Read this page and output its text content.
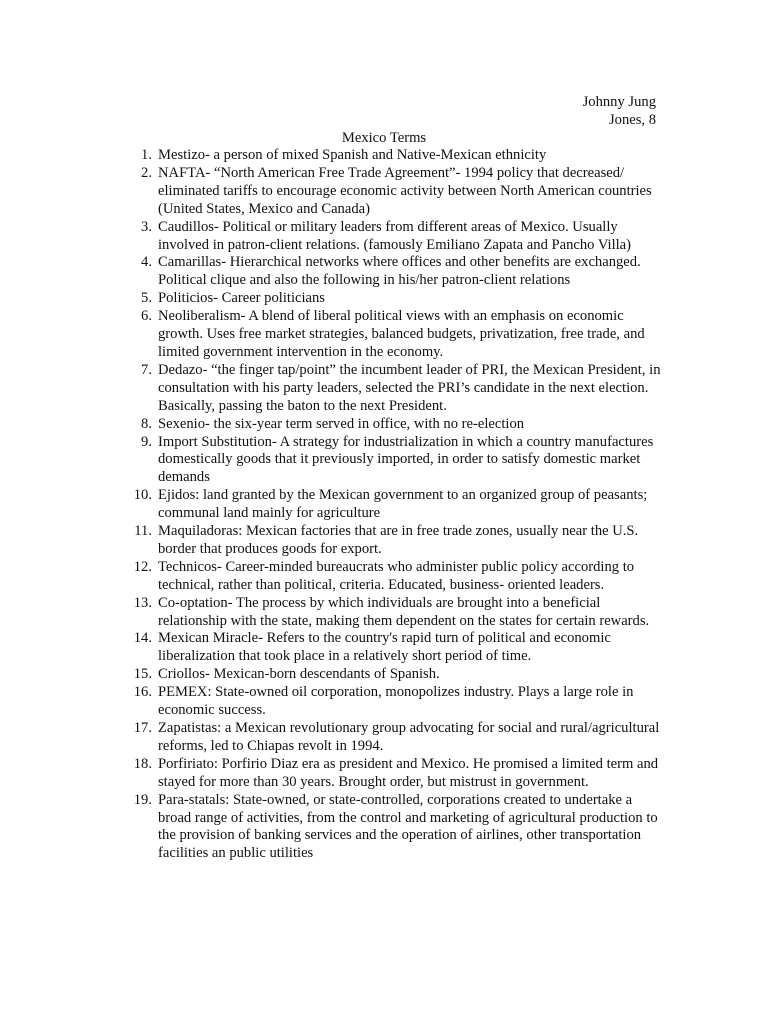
Johnny Jung
Jones, 8
Mexico Terms
1. Mestizo- a person of mixed Spanish and Native-Mexican ethnicity
2. NAFTA- “North American Free Trade Agreement”- 1994 policy that decreased/ eliminated tariffs to encourage economic activity between North American countries (United States, Mexico and Canada)
3. Caudillos- Political or military leaders from different areas of Mexico. Usually involved in patron-client relations. (famously Emiliano Zapata and Pancho Villa)
4. Camarillas- Hierarchical networks where offices and other benefits are exchanged. Political clique and also the following in his/her patron-client relations
5. Politicios- Career politicians
6. Neoliberalism- A blend of liberal political views with an emphasis on economic growth. Uses free market strategies, balanced budgets, privatization, free trade, and limited government intervention in the economy.
7. Dedazo- “the finger tap/point” the incumbent leader of PRI, the Mexican President, in consultation with his party leaders, selected the PRI’s candidate in the next election. Basically, passing the baton to the next President.
8. Sexenio- the six-year term served in office, with no re-election
9. Import Substitution- A strategy for industrialization in which a country manufactures domestically goods that it previously imported, in order to satisfy domestic market demands
10. Ejidos: land granted by the Mexican government to an organized group of peasants; communal land mainly for agriculture
11. Maquiladoras: Mexican factories that are in free trade zones, usually near the U.S. border that produces goods for export.
12. Technicos- Career-minded bureaucrats who administer public policy according to technical, rather than political, criteria. Educated, business- oriented leaders.
13. Co-optation- The process by which individuals are brought into a beneficial relationship with the state, making them dependent on the states for certain rewards.
14. Mexican Miracle- Refers to the country's rapid turn of political and economic liberalization that took place in a relatively short period of time.
15. Criollos- Mexican-born descendants of Spanish.
16. PEMEX: State-owned oil corporation, monopolizes industry. Plays a large role in economic success.
17. Zapatistas: a Mexican revolutionary group advocating for social and rural/agricultural reforms, led to Chiapas revolt in 1994.
18. Porfiriato: Porfirio Diaz era as president and Mexico. He promised a limited term and stayed for more than 30 years. Brought order, but mistrust in government.
19. Para-statals: State-owned, or state-controlled, corporations created to undertake a broad range of activities, from the control and marketing of agricultural production to the provision of banking services and the operation of airlines, other transportation facilities an public utilities
